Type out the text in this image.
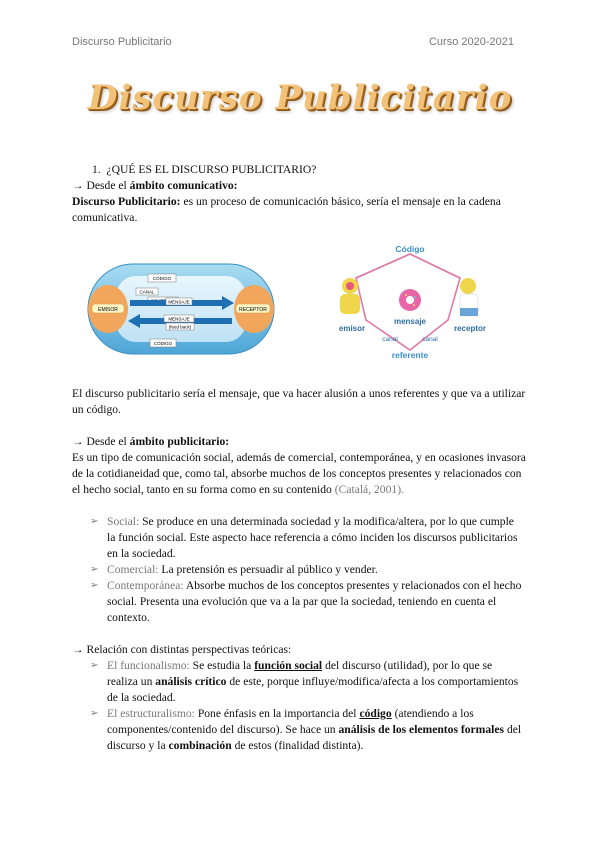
Discurso Publicitario	Curso 2020-2021
Discurso Publicitario
1. ¿QUÉ ES EL DISCURSO PUBLICITARIO?
→ Desde el ámbito comunicativo:
Discurso Publicitario: es un proceso de comunicación básico, sería el mensaje en la cadena comunicativa.
EMISOR	RECEPTOR
CÓDIGO
CANAL
MENSAJE
MENSAJE
(feed back)
CÓDIGO
Código
emisor
mensaje
receptor
canal	canal
referente
El discurso publicitario sería el mensaje, que va hacer alusión a unos referentes y que va a utilizar un código.
→ Desde el ámbito publicitario:
Es un tipo de comunicación social, además de comercial, contemporánea, y en ocasiones invasora de la cotidianeidad que, como tal, absorbe muchos de los conceptos presentes y relacionados con el hecho social, tanto en su forma como en su contenido (Catalá, 2001).
➢ Social: Se produce en una determinada sociedad y la modifica/altera, por lo que cumple la función social. Este aspecto hace referencia a cómo inciden los discursos publicitarios en la sociedad.
➢ Comercial: La pretensión es persuadir al público y vender.
➢ Contemporánea: Absorbe muchos de los conceptos presentes y relacionados con el hecho social. Presenta una evolución que va a la par que la sociedad, teniendo en cuenta el contexto.
→ Relación con distintas perspectivas teóricas:
➢ El funcionalismo: Se estudia la función social del discurso (utilidad), por lo que se realiza un análisis crítico de este, porque influye/modifica/afecta a los comportamientos de la sociedad.
➢ El estructuralismo: Pone énfasis en la importancia del código (atendiendo a los componentes/contenido del discurso). Se hace un análisis de los elementos formales del discurso y la combinación de estos (finalidad distinta).
